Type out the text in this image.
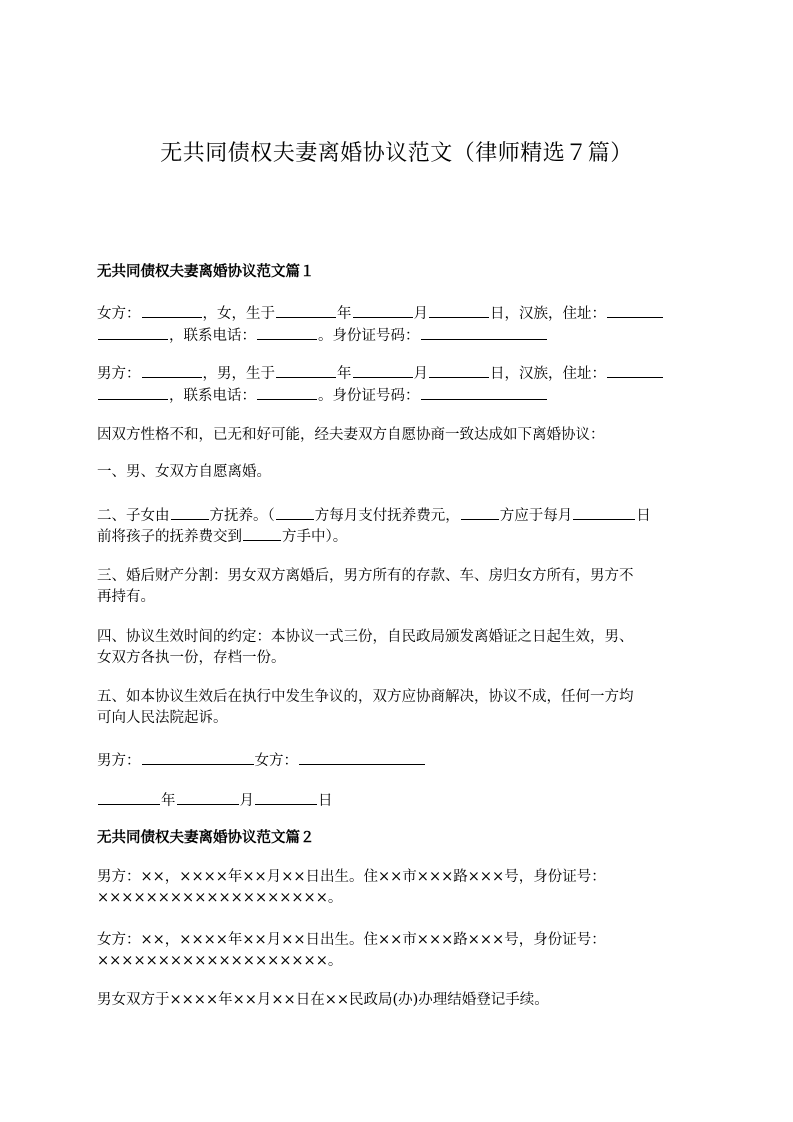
无共同债权夫妻离婚协议范文（律师精选７篇）
无共同债权夫妻离婚协议范文篇１
女方：	，女，生于	年	月	日，汉族，住址：
，联系电话：	。身份证号码：
男方：	，男，生于	年	月	日，汉族，住址：
，联系电话：	。身份证号码：
因双方性格不和，已无和好可能，经夫妻双方自愿协商一致达成如下离婚协议：
一、男、女双方自愿离婚。
二、子女由	方抚养。（	方每月支付抚养费元，	方应于每月	日
前将孩子的抚养费交到	方手中）。
三、婚后财产分割：男女双方离婚后，男方所有的存款、车、房归女方所有，男方不
再持有。
四、协议生效时间的约定：本协议一式三份，自民政局颁发离婚证之日起生效，男、
女双方各执一份，存档一份。
五、如本协议生效后在执行中发生争议的，双方应协商解决，协议不成，任何一方均
可向人民法院起诉。
男方：	女方：
年	月	日
无共同债权夫妻离婚协议范文篇２
男方：××，××××年××月××日出生。住××市×××路×××号，身份证号：
×××××××××××××××××××。
女方：××，××××年××月××日出生。住××市×××路×××号，身份证号：
×××××××××××××××××××。
男女双方于××××年××月××日在××民政局(办)办理结婚登记手续。
